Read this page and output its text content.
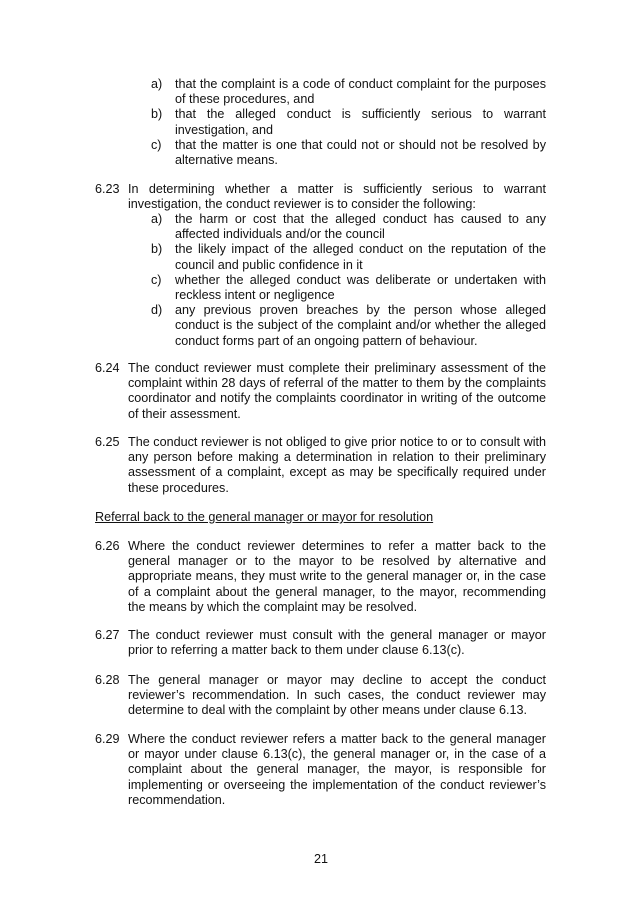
a)	that the complaint is a code of conduct complaint for the purposes of these procedures, and
b)	that the alleged conduct is sufficiently serious to warrant investigation, and
c)	that the matter is one that could not or should not be resolved by alternative means.
6.23 In determining whether a matter is sufficiently serious to warrant investigation, the conduct reviewer is to consider the following:
a)	the harm or cost that the alleged conduct has caused to any affected individuals and/or the council
b)	the likely impact of the alleged conduct on the reputation of the council and public confidence in it
c)	whether the alleged conduct was deliberate or undertaken with reckless intent or negligence
d)	any previous proven breaches by the person whose alleged conduct is the subject of the complaint and/or whether the alleged conduct forms part of an ongoing pattern of behaviour.
6.24 The conduct reviewer must complete their preliminary assessment of the complaint within 28 days of referral of the matter to them by the complaints coordinator and notify the complaints coordinator in writing of the outcome of their assessment.
6.25 The conduct reviewer is not obliged to give prior notice to or to consult with any person before making a determination in relation to their preliminary assessment of a complaint, except as may be specifically required under these procedures.
Referral back to the general manager or mayor for resolution
6.26 Where the conduct reviewer determines to refer a matter back to the general manager or to the mayor to be resolved by alternative and appropriate means, they must write to the general manager or, in the case of a complaint about the general manager, to the mayor, recommending the means by which the complaint may be resolved.
6.27 The conduct reviewer must consult with the general manager or mayor prior to referring a matter back to them under clause 6.13(c).
6.28 The general manager or mayor may decline to accept the conduct reviewer’s recommendation. In such cases, the conduct reviewer may determine to deal with the complaint by other means under clause 6.13.
6.29 Where the conduct reviewer refers a matter back to the general manager or mayor under clause 6.13(c), the general manager or, in the case of a complaint about the general manager, the mayor, is responsible for implementing or overseeing the implementation of the conduct reviewer’s recommendation.
21
